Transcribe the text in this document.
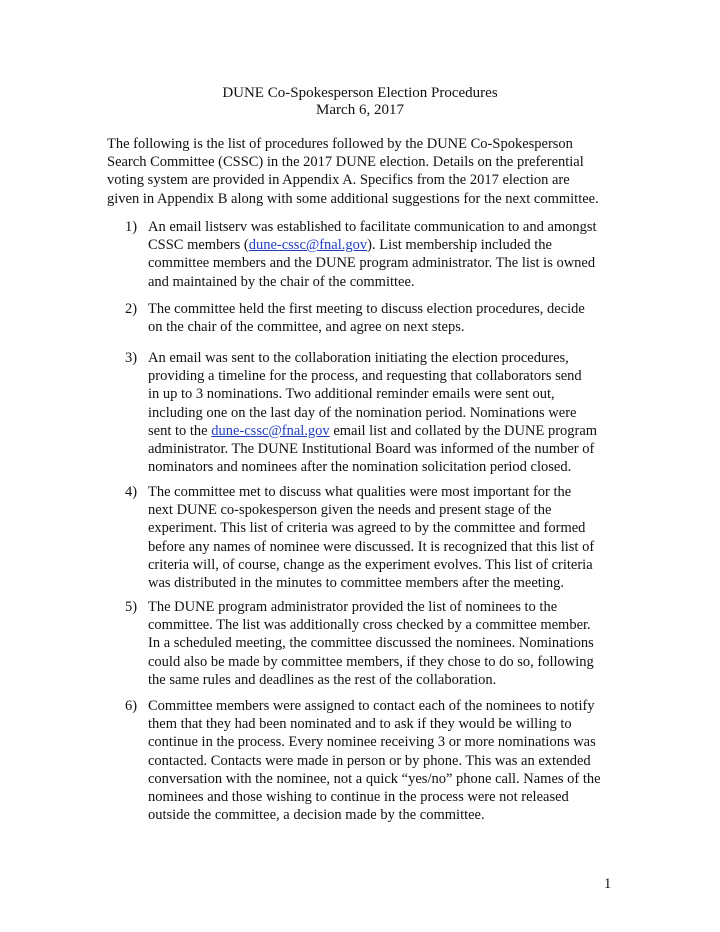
DUNE Co-Spokesperson Election Procedures
March 6, 2017
The following is the list of procedures followed by the DUNE Co-Spokesperson
Search Committee (CSSC) in the 2017 DUNE election. Details on the preferential
voting system are provided in Appendix A. Specifics from the 2017 election are
given in Appendix B along with some additional suggestions for the next committee.
1) An email listserv was established to facilitate communication to and amongst
CSSC members (dune-cssc@fnal.gov). List membership included the
committee members and the DUNE program administrator. The list is owned
and maintained by the chair of the committee.
2) The committee held the first meeting to discuss election procedures, decide
on the chair of the committee, and agree on next steps.
3) An email was sent to the collaboration initiating the election procedures,
providing a timeline for the process, and requesting that collaborators send
in up to 3 nominations. Two additional reminder emails were sent out,
including one on the last day of the nomination period. Nominations were
sent to the dune-cssc@fnal.gov email list and collated by the DUNE program
administrator. The DUNE Institutional Board was informed of the number of
nominators and nominees after the nomination solicitation period closed.
4) The committee met to discuss what qualities were most important for the
next DUNE co-spokesperson given the needs and present stage of the
experiment. This list of criteria was agreed to by the committee and formed
before any names of nominee were discussed. It is recognized that this list of
criteria will, of course, change as the experiment evolves. This list of criteria
was distributed in the minutes to committee members after the meeting.
5) The DUNE program administrator provided the list of nominees to the
committee. The list was additionally cross checked by a committee member.
In a scheduled meeting, the committee discussed the nominees. Nominations
could also be made by committee members, if they chose to do so, following
the same rules and deadlines as the rest of the collaboration.
6) Committee members were assigned to contact each of the nominees to notify
them that they had been nominated and to ask if they would be willing to
continue in the process. Every nominee receiving 3 or more nominations was
contacted. Contacts were made in person or by phone. This was an extended
conversation with the nominee, not a quick “yes/no” phone call. Names of the
nominees and those wishing to continue in the process were not released
outside the committee, a decision made by the committee.
1
